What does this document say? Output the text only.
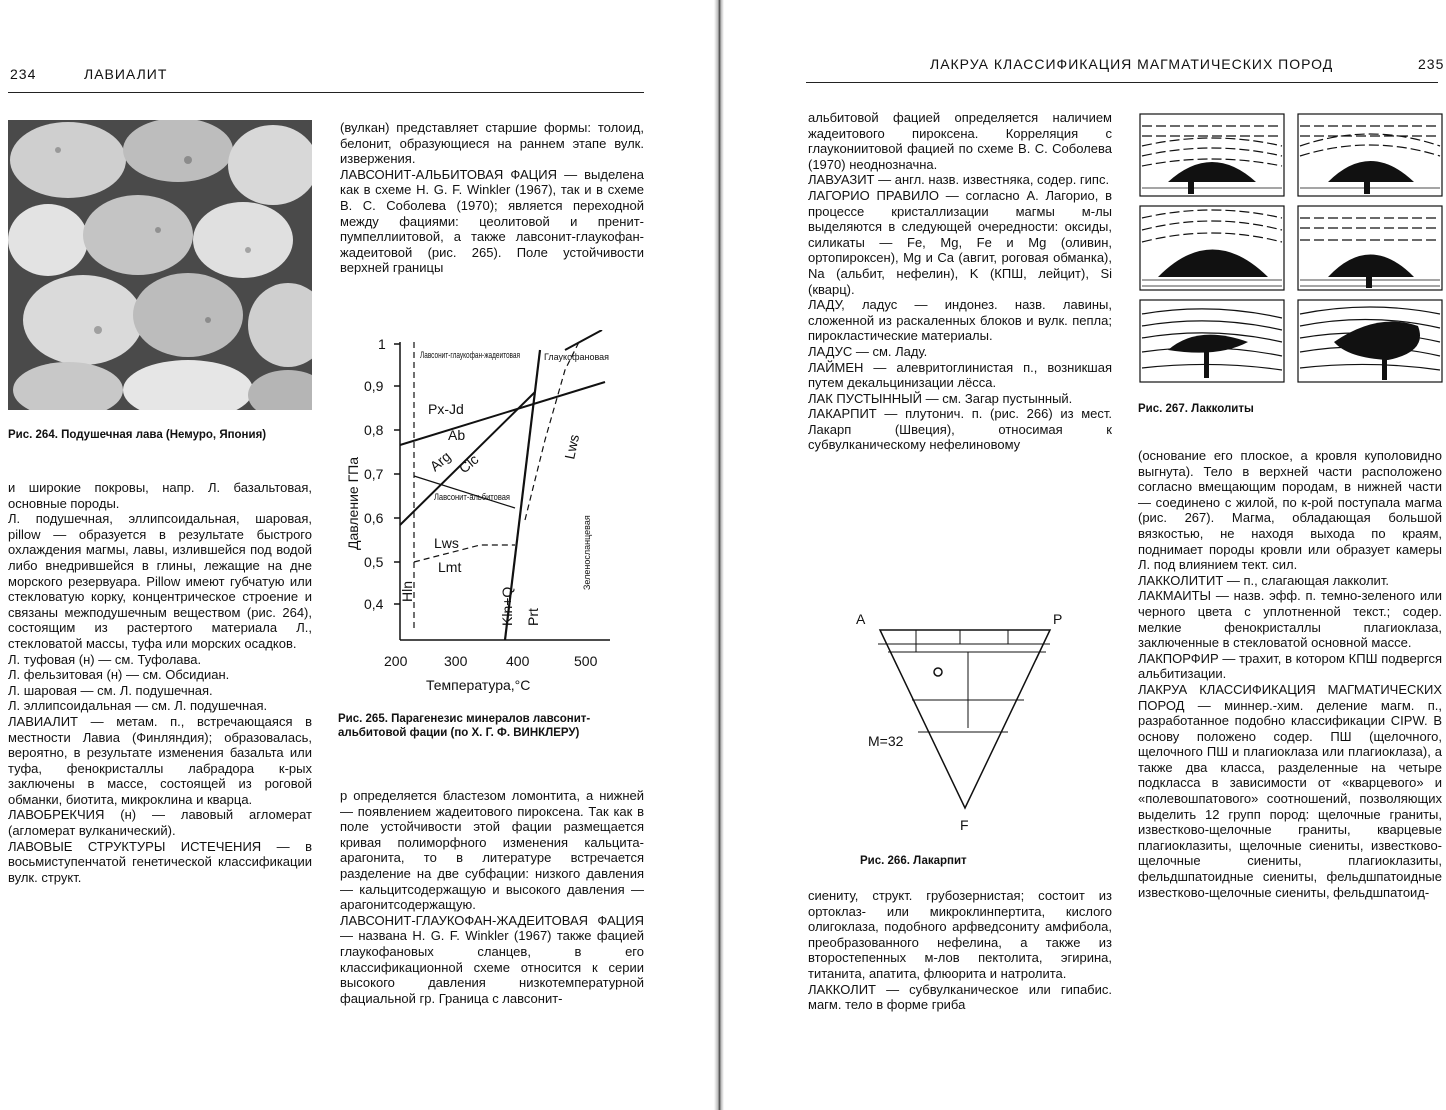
234	ЛАВИАЛИТ
Рис. 264. Подушечная лава (Немуро, Япония)

и широкие покровы, напр. Л. базальтовая, основные породы.

Л. подушечная, эллипсоидальная, шаровая, pillow — образуется в результате быстрого охлаждения магмы, лавы, излившейся под водой либо внедрившейся в глины, лежащие на дне морского резервуара. Pillow имеют губчатую или стекловатую корку, концентрическое строение и связаны межподушечным веществом (рис. 264), состоящим из растертого материала Л., стекловатой массы, туфа или морских осадков.

Л. туфовая (н) — см. Туфолава.

Л. фельзитовая (н) — см. Обсидиан.

Л. шаровая — см. Л. подушечная.

Л. эллипсоидальная — см. Л. подушечная.

ЛАВИАЛИТ — метам. п., встречающаяся в местности Лавиа (Финляндия); образовалась, вероятно, в результате изменения базальта или туфа, фенокристаллы лабрадора к-рых заключены в массе, состоящей из роговой обманки, биотита, микроклина и кварца.

ЛАВОБРЕКЧИЯ (н) — лавовый агломерат (агломерат вулканический).

ЛАВОВЫЕ СТРУКТУРЫ ИСТЕЧЕНИЯ — в восьмиступенчатой генетической классификации вулк. структ.

(вулкан) представляет старшие формы: толоид, белонит, образующиеся на раннем этапе вулк. извержения.

ЛАВСОНИТ-АЛЬБИТОВАЯ ФАЦИЯ — выделена как в схеме H. G. F. Winkler (1967), так и в схеме В. С. Соболева (1970); является переходной между фациями: цеолитовой и пренит-пумпеллиитовой, а также лавсонит-глаукофан-жадеитовой (рис. 265). Поле устойчивости верхней границы

1
0,9
0,8
0,7
0,6
0,5
0,4
200	300	400	500
Температура,°С
Давление ГПа
Px-Jd
Ab
Arg Clc
Lws
Lmt
Hln	Kln+Q Prt
Lws
Лавсонит-глаукофан-жадеитовая	Глаукофановая
Лавсонит-альбитовая
Зеленосланцевая
Рис. 265. Парагенезис минералов лавсонит-альбитовой фации (по Х. Г. Ф. ВИНКЛЕРУ)

p определяется бластезом ломонтита, а нижней — появлением жадеитового пироксена. Так как в поле устойчивости этой фации размещается кривая полиморфного изменения кальцита-арагонита, то в литературе встречается разделение на две субфации: низкого давления — кальцитсодержащую и высокого давления — арагонитсодержащую.

ЛАВСОНИТ-ГЛАУКОФАН-ЖАДЕИТОВАЯ ФАЦИЯ — названа H. G. F. Winkler (1967) также фацией глаукофановых сланцев, в его классификационной схеме относится к серии высокого давления низкотемпературной фациальной гр. Граница с лавсонит-

ЛАКРУА КЛАССИФИКАЦИЯ МАГМАТИЧЕСКИХ ПОРОД	235

альбитовой фацией определяется наличием жадеитового пироксена. Корреляция с глаукониитовой фацией по схеме В. С. Соболева (1970) неоднозначна.

ЛАВУАЗИТ — англ. назв. известняка, содер. гипс.

ЛАГОРИО ПРАВИЛО — согласно А. Лагорио, в процессе кристаллизации магмы м-лы выделяются в следующей очередности: оксиды, силикаты — Fe, Mg, Fe и Mg (оливин, ортопироксен), Mg и Ca (авгит, роговая обманка), Na (альбит, нефелин), K (КПШ, лейцит), Si (кварц).

ЛАДУ, ладус — индонез. назв. лавины, сложенной из раскаленных блоков и вулк. пепла; пирокластические материалы.

ЛАДУС — см. Ладу.

ЛАЙМЕН — алевритоглинистая п., возникшая путем декальцинизации лёсса.

ЛАК ПУСТЫННЫЙ — см. Загар пустынный.

ЛАКАРПИТ — плутонич. п. (рис. 266) из мест. Лакарп (Швеция), относимая к субвулканическому нефелиновому

A	P
F
M=32
Рис. 266. Лакарпит

сиениту, структ. грубозернистая; состоит из ортоклаз- или микроклинпертита, кислого олигоклаза, подобного арфведсониту амфибола, преобразованного нефелина, а также из второстепенных м-лов пектолита, эгирина, титанита, апатита, флюорита и натролита.

ЛАККОЛИТ — субвулканическое или гипабис. магм. тело в форме гриба

Рис. 267. Лакколиты

(основание его плоское, а кровля куполовидно выгнута). Тело в верхней части расположено согласно вмещающим породам, в нижней части — соединено с жилой, по к-рой поступала магма (рис. 267). Магма, обладающая большой вязкостью, не находя выхода по краям, поднимает породы кровли или образует камеры Л. под влиянием тект. сил.

ЛАККОЛИТИТ — п., слагающая лакколит.

ЛАКМАИТЫ — назв. эфф. п. темно-зеленого или черного цвета с уплотненной текст.; содер. мелкие фенокристаллы плагиоклаза, заключенные в стекловатой основной массе.

ЛАКПОРФИР — трахит, в котором КПШ подвергся альбитизации.

ЛАКРУА КЛАССИФИКАЦИЯ МАГМАТИЧЕСКИХ ПОРОД — миннер.-хим. деление магм. п., разработанное подобно классификации CIPW. В основу положено содер. ПШ (щелочного, щелочного ПШ и плагиоклаза или плагиоклаза), а также два класса, разделенные на четыре подкласса в зависимости от «кварцевого» и «полевошпатового» соотношений, позволяющих выделить 12 групп пород: щелочные граниты, известково-щелочные граниты, кварцевые плагиоклазиты, щелочные сиениты, известково-щелочные сиениты, плагиоклазиты, фельдшпатоидные сиениты, фельдшпатоидные известково-щелочные сиениты, фельдшпатоид-
